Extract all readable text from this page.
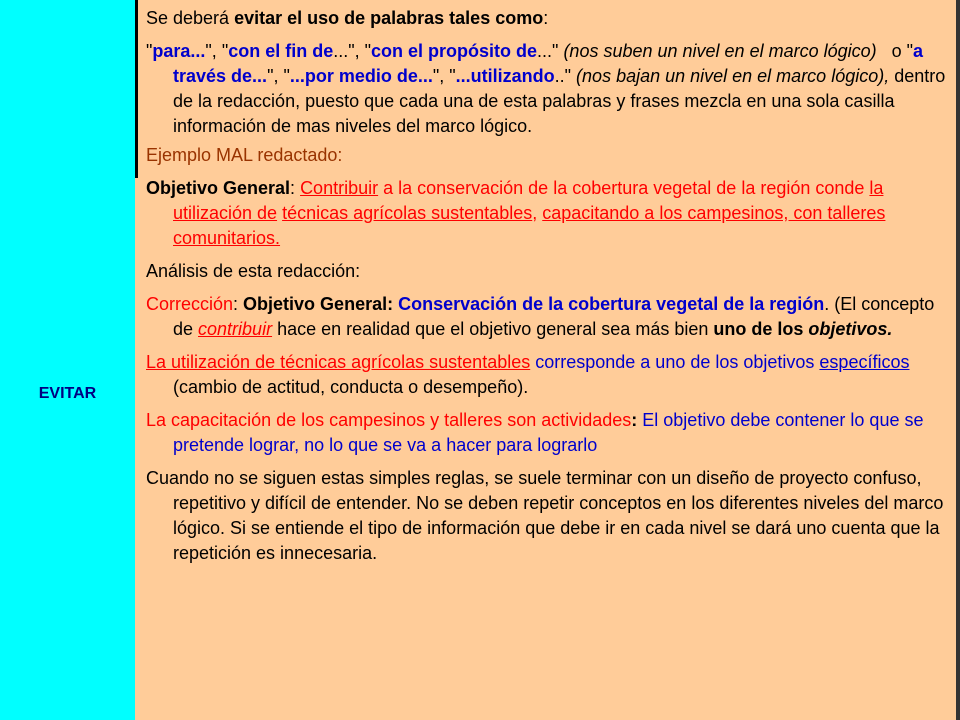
EVITAR

Se deberá evitar el uso de palabras tales como:

"para...", "con el fin de...", "con el propósito de..." (nos suben un nivel en el marco lógico)   o "a través de...", "...por medio de...", "...utilizando.." (nos bajan un nivel en el marco lógico), dentro de la redacción, puesto que cada una de esta palabras y frases mezcla en una sola casilla información de mas niveles del marco lógico.

Ejemplo MAL redactado:

Objetivo General: Contribuir a la conservación de la cobertura vegetal de la región conde la utilización de técnicas agrícolas sustentables, capacitando a los campesinos, con talleres comunitarios.

Análisis de esta redacción:

Corrección: Objetivo General: Conservación de la cobertura vegetal de la región. (El concepto de contribuir hace en realidad que el objetivo general sea más bien uno de los objetivos.

La utilización de técnicas agrícolas sustentables corresponde a uno de los objetivos específicos (cambio de actitud, conducta o desempeño).

La capacitación de los campesinos y talleres son actividades: El objetivo debe contener lo que se pretende lograr, no lo que se va a hacer para lograrlo

Cuando no se siguen estas simples reglas, se suele terminar con un diseño de proyecto confuso, repetitivo y difícil de entender. No se deben repetir conceptos en los diferentes niveles del marco lógico. Si se entiende el tipo de información que debe ir en cada nivel se dará uno cuenta que la repetición es innecesaria.
